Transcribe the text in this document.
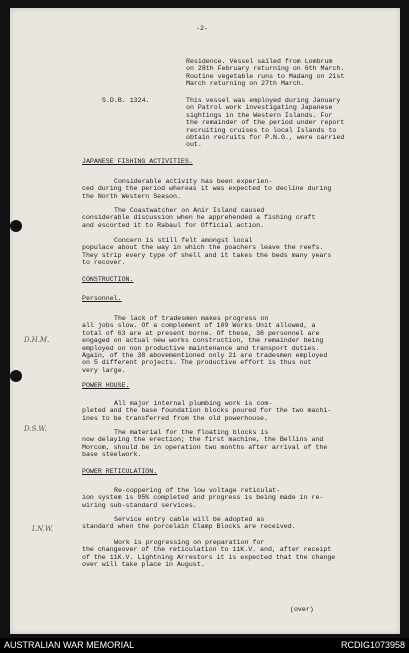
-2-
Residence. Vessel sailed from Lombrum
on 28th February returning on 6th March.
Routine vegetable runs to Madang on 21st
March returning on 27th March.
S.D.B. 1324.	This vessel was employed during January
on Patrol work investigating Japanese
sightings in the Western Islands. For
the remainder of the period under report
recruiting cruises to local Islands to
obtain recruits for P.N.G., were carried
out.
JAPANESE FISHING ACTIVITIES.
Considerable activity has been experien-
ced during the period whereas it was expected to decline during
the North Western Season.
The Coastwatcher on Anir Island caused
considerable discussion when he apprehended a fishing craft
and escorted it to Rabaul for Official action.
Concern is still felt amongst local
populace about the way in which the poachers leave the reefs.
They strip every type of shell and it takes the beds many years
to recover.
CONSTRUCTION.
Personnel.
The lack of tradesmen makes progress on
all jobs slow. Of a complement of 109 Works Unit allowed, a
total of 63 are at present borne. Of these, 38 personnel are
engaged on actual new works construction, the remainder being
employed on non productive maintenance and transport duties.
Again, of the 38 abovementioned only 21 are tradesmen employed
on 5 different projects. The productive effort is thus not
very large.
POWER HOUSE.
All major internal plumbing work is com-
pleted and the base foundation blocks poured for the two machi-
ines to be transferred from the old powerhouse.
The material for the floating blocks is
now delaying the erection; the first machine, the Bellins and
Morcom, should be in operation two months after arrival of the
base steelwork.
POWER RETICULATION.
Re-coppering of the low voltage reticulat-
ion system is 95% completed and progress is being made in re-
wiring sub-standard services.
Service entry cable will be adopted as
standard when the porcelain Clamp Blocks are received.
Work is progressing on preparation for
the changeover of the reticulation to 11K.V. and, after receipt
of the 11K.V. Lightning Arrestors it is expected that the change
over will take place in August.
(over)
D.H.M.
D.S.W.
I.N.W.
AUSTRALIAN WAR MEMORIAL	RCDIG1073958
